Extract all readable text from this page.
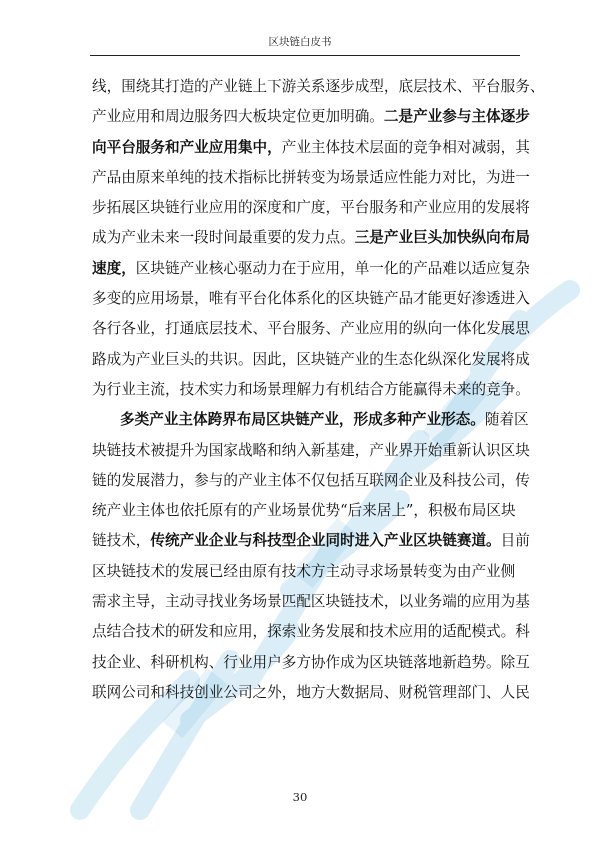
区块链白皮书
线，围绕其打造的产业链上下游关系逐步成型，底层技术、平台服务、
产业应用和周边服务四大板块定位更加明确。二是产业参与主体逐步
向平台服务和产业应用集中，产业主体技术层面的竞争相对减弱，其
产品由原来单纯的技术指标比拼转变为场景适应性能力对比，为进一
步拓展区块链行业应用的深度和广度，平台服务和产业应用的发展将
成为产业未来一段时间最重要的发力点。三是产业巨头加快纵向布局
速度，区块链产业核心驱动力在于应用，单一化的产品难以适应复杂
多变的应用场景，唯有平台化体系化的区块链产品才能更好渗透进入
各行各业，打通底层技术、平台服务、产业应用的纵向一体化发展思
路成为产业巨头的共识。因此，区块链产业的生态化纵深化发展将成
为行业主流，技术实力和场景理解力有机结合方能赢得未来的竞争。
多类产业主体跨界布局区块链产业，形成多种产业形态。随着区
块链技术被提升为国家战略和纳入新基建，产业界开始重新认识区块
链的发展潜力，参与的产业主体不仅包括互联网企业及科技公司，传
统产业主体也依托原有的产业场景优势“后来居上”，积极布局区块
链技术，传统产业企业与科技型企业同时进入产业区块链赛道。目前
区块链技术的发展已经由原有技术方主动寻求场景转变为由产业侧
需求主导，主动寻找业务场景匹配区块链技术，以业务端的应用为基
点结合技术的研发和应用，探索业务发展和技术应用的适配模式。科
技企业、科研机构、行业用户多方协作成为区块链落地新趋势。除互
联网公司和科技创业公司之外，地方大数据局、财税管理部门、人民
30
